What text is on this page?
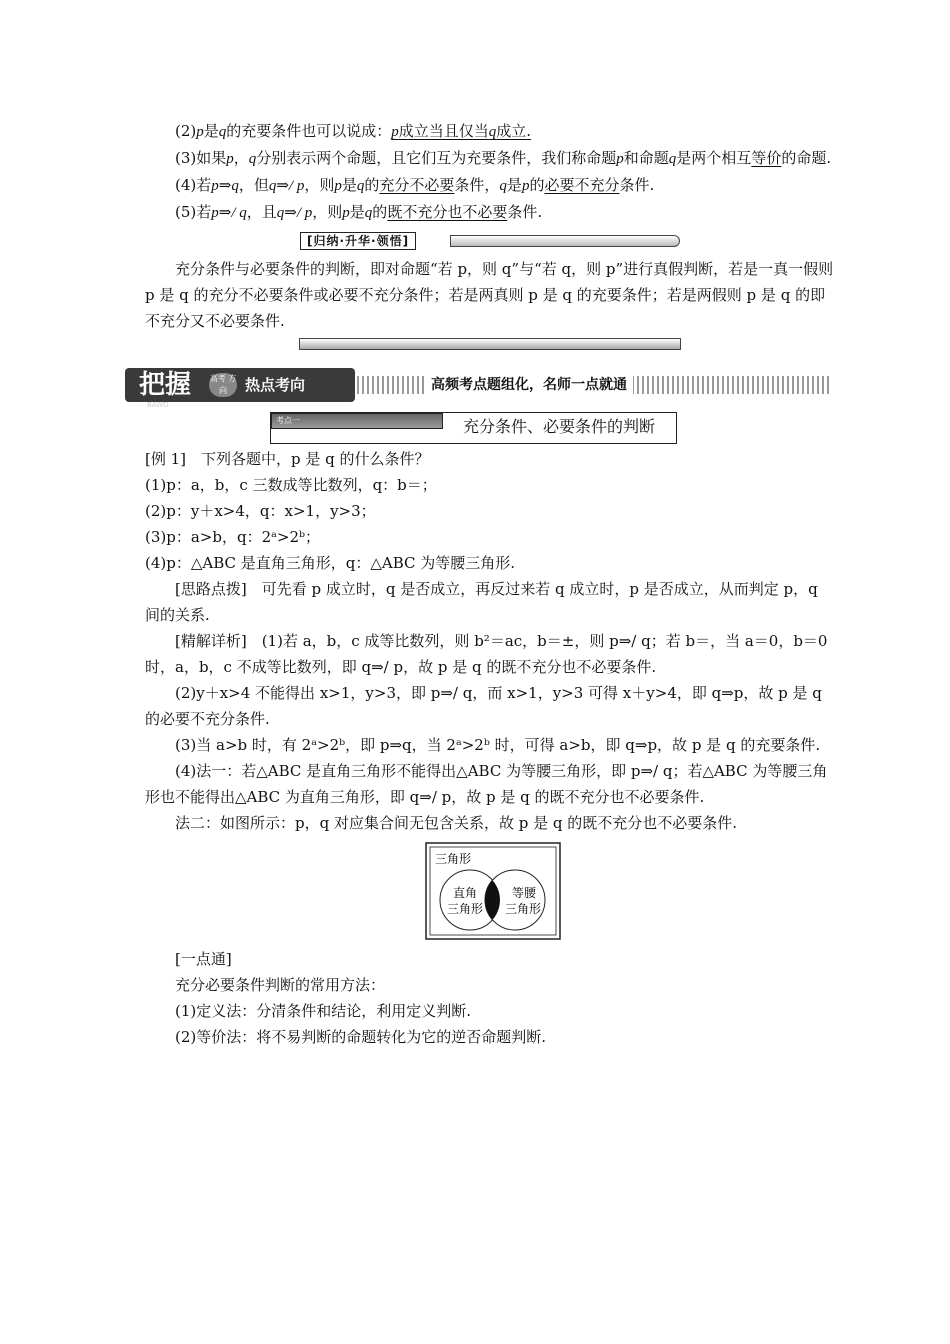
(2)p是q的充要条件也可以说成：p成立当且仅当q成立.

(3)如果p，q分别表示两个命题，且它们互为充要条件，我们称命题p和命题q是两个相互等价的命题.

(4)若p⇒q，但q⇒/ p，则p是q的充分不必要条件，q是p的必要不充分条件.

(5)若p⇒/ q，且q⇒/ p，则p是q的既不充分也不必要条件.

[归纳·升华·领悟]

充分条件与必要条件的判断，即对命题“若 p，则 q”与“若 q，则 p”进行真假判断，若是一真一假则 p 是 q 的充分不必要条件或必要不充分条件；若是两真则 p 是 q 的充要条件；若是两假则 p 是 q 的即不充分又不必要条件.

把握
BAWO
高考 方向	热点考向	高频考点题组化，名师一点就通
考点一	充分条件、必要条件的判断

[例 1]　下列各题中，p 是 q 的什么条件？

(1)p：a，b，c 三数成等比数列，q：b＝；

(2)p：y＋x>4，q：x>1，y>3；

(3)p：a>b，q：2ᵃ>2ᵇ；

(4)p：△ABC 是直角三角形，q：△ABC 为等腰三角形.

[思路点拨]　可先看 p 成立时，q 是否成立，再反过来若 q 成立时，p 是否成立，从而判定 p，q 间的关系.

[精解详析]　(1)若 a，b，c 成等比数列，则 b²＝ac，b＝±，则 p⇒/ q；若 b＝，当 a＝0，b＝0 时，a，b，c 不成等比数列，即 q⇒/ p，故 p 是 q 的既不充分也不必要条件.

(2)y＋x>4 不能得出 x>1，y>3，即 p⇒/ q，而 x>1，y>3 可得 x＋y>4，即 q⇒p，故 p 是 q 的必要不充分条件.

(3)当 a>b 时，有 2ᵃ>2ᵇ，即 p⇒q，当 2ᵃ>2ᵇ 时，可得 a>b，即 q⇒p，故 p 是 q 的充要条件.

(4)法一：若△ABC 是直角三角形不能得出△ABC 为等腰三角形，即 p⇒/ q；若△ABC 为等腰三角形也不能得出△ABC 为直角三角形，即 q⇒/ p，故 p 是 q 的既不充分也不必要条件.

法二：如图所示：p，q 对应集合间无包含关系，故 p 是 q 的既不充分也不必要条件.

三角形
直角
三角形
等腰
三角形

[一点通]

充分必要条件判断的常用方法：

(1)定义法：分清条件和结论，利用定义判断.

(2)等价法：将不易判断的命题转化为它的逆否命题判断.
